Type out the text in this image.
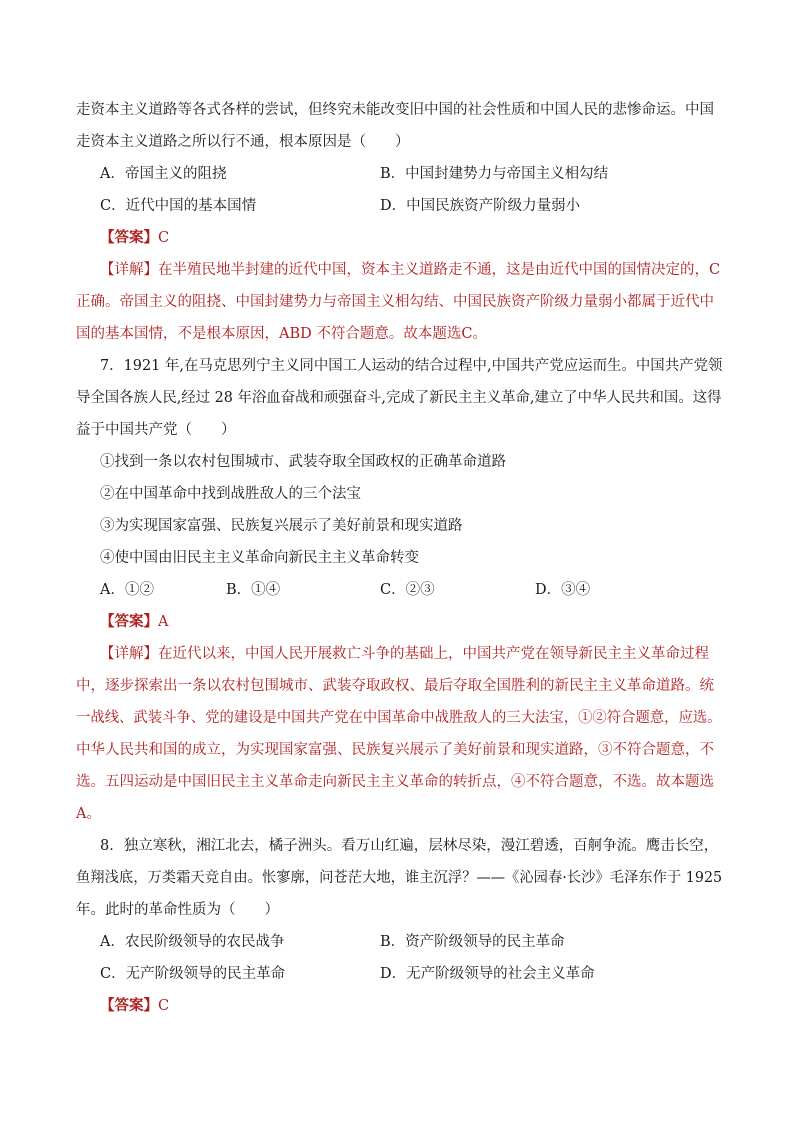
走资本主义道路等各式各样的尝试，但终究未能改变旧中国的社会性质和中国人民的悲惨命运。中国
走资本主义道路之所以行不通，根本原因是（　　）
A．帝国主义的阻挠	B．中国封建势力与帝国主义相勾结
C．近代中国的基本国情	D．中国民族资产阶级力量弱小
【答案】C
【详解】在半殖民地半封建的近代中国，资本主义道路走不通，这是由近代中国的国情决定的，C
正确。帝国主义的阻挠、中国封建势力与帝国主义相勾结、中国民族资产阶级力量弱小都属于近代中
国的基本国情，不是根本原因，ABD 不符合题意。故本题选C。
7．1921 年,在马克思列宁主义同中国工人运动的结合过程中,中国共产党应运而生。中国共产党领
导全国各族人民,经过 28 年浴血奋战和顽强奋斗,完成了新民主主义革命,建立了中华人民共和国。这得
益于中国共产党（　　）
①找到一条以农村包围城市、武装夺取全国政权的正确革命道路
②在中国革命中找到战胜敌人的三个法宝
③为实现国家富强、民族复兴展示了美好前景和现实道路
④使中国由旧民主主义革命向新民主主义革命转变
A．①②	B．①④	C．②③	D．③④
【答案】A
【详解】在近代以来，中国人民开展救亡斗争的基础上，中国共产党在领导新民主主义革命过程
中，逐步探索出一条以农村包围城市、武装夺取政权、最后夺取全国胜利的新民主主义革命道路。统
一战线、武装斗争、党的建设是中国共产党在中国革命中战胜敌人的三大法宝，①②符合题意，应选。
中华人民共和国的成立，为实现国家富强、民族复兴展示了美好前景和现实道路，③不符合题意，不
选。五四运动是中国旧民主主义革命走向新民主主义革命的转折点，④不符合题意，不选。故本题选
A。
8．独立寒秋，湘江北去，橘子洲头。看万山红遍，层林尽染，漫江碧透，百舸争流。鹰击长空，
鱼翔浅底，万类霜天竞自由。怅寥廓，问苍茫大地，谁主沉浮？——《沁园春·长沙》毛泽东作于 1925
年。此时的革命性质为（　　）
A．农民阶级领导的农民战争	B．资产阶级领导的民主革命
C．无产阶级领导的民主革命	D．无产阶级领导的社会主义革命
【答案】C
